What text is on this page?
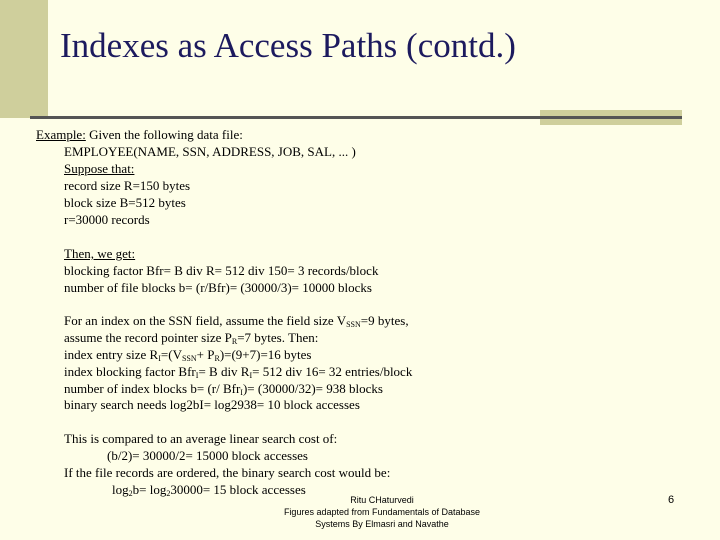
Indexes as Access Paths (contd.)
Example: Given the following data file:
EMPLOYEE(NAME, SSN, ADDRESS, JOB, SAL, ... )
Suppose that:
record size R=150 bytes
block size B=512 bytes
r=30000 records
Then, we get:
blocking factor Bfr= B div R= 512 div 150= 3 records/block
number of file blocks b= (r/Bfr)= (30000/3)= 10000 blocks
For an index on the SSN field, assume the field size $V_{SSN}=9$ bytes,
assume the record pointer size $P_R=7$ bytes. Then:
index entry size $R_I=(V_{SSN}+ P_R)=(9+7)=16$ bytes
index blocking factor Bfr$_I$= B div $R_I= 512$ div 16= 32 entries/block
number of index blocks b= (r/ Bfr$_I$)= (30000/32)= 938 blocks
binary search needs log2bI= log2938= 10 block accesses
This is compared to an average linear search cost of:
(b/2)= 30000/2= 15000 block accesses
If the file records are ordered, the binary search cost would be:
$\log_2b= \log_230000= 15$ block accesses
Ritu CHaturvedi
Figures adapted from Fundamentals of Database
Systems By Elmasri and Navathe
6
